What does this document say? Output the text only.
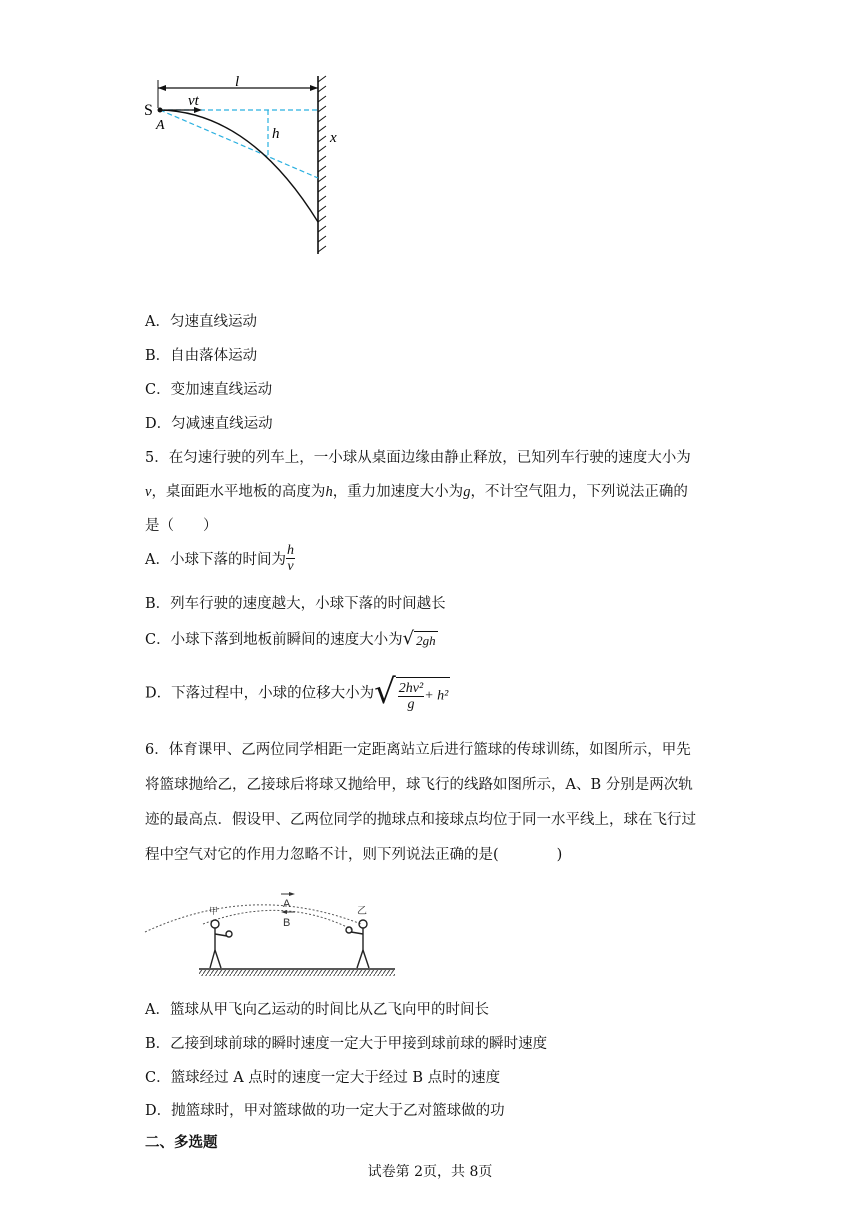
S
A
vt
l
h	x
A．匀速直线运动
B．自由落体运动
C．变加速直线运动
D．匀减速直线运动
5．在匀速行驶的列车上，一小球从桌面边缘由静止释放，已知列车行驶的速度大小为
v，桌面距水平地板的高度为h，重力加速度大小为g，不计空气阻力，下列说法正确的
是（　　）
A．小球下落的时间为 $\frac{h}{v}$
B．列车行驶的速度越大，小球下落的时间越长
C．小球下落到地板前瞬间的速度大小为√ 2gh
D．下落过程中，小球的位移大小为√ $\frac{\text{2hv²}}{g} + h^2$
6．体育课甲、乙两位同学相距一定距离站立后进行篮球的传球训练，如图所示，甲先
将篮球抛给乙，乙接球后将球又抛给甲，球飞行的线路如图所示，A、B 分别是两次轨
迹的最高点．假设甲、乙两位同学的抛球点和接球点均位于同一水平线上，球在飞行过
程中空气对它的作用力忽略不计，则下列说法正确的是(　　　　)
A
B
甲	乙
A．篮球从甲飞向乙运动的时间比从乙飞向甲的时间长
B．乙接到球前球的瞬时速度一定大于甲接到球前球的瞬时速度
C．篮球经过 A 点时的速度一定大于经过 B 点时的速度
D．抛篮球时，甲对篮球做的功一定大于乙对篮球做的功
二、多选题
试卷第 2页，共 8页
